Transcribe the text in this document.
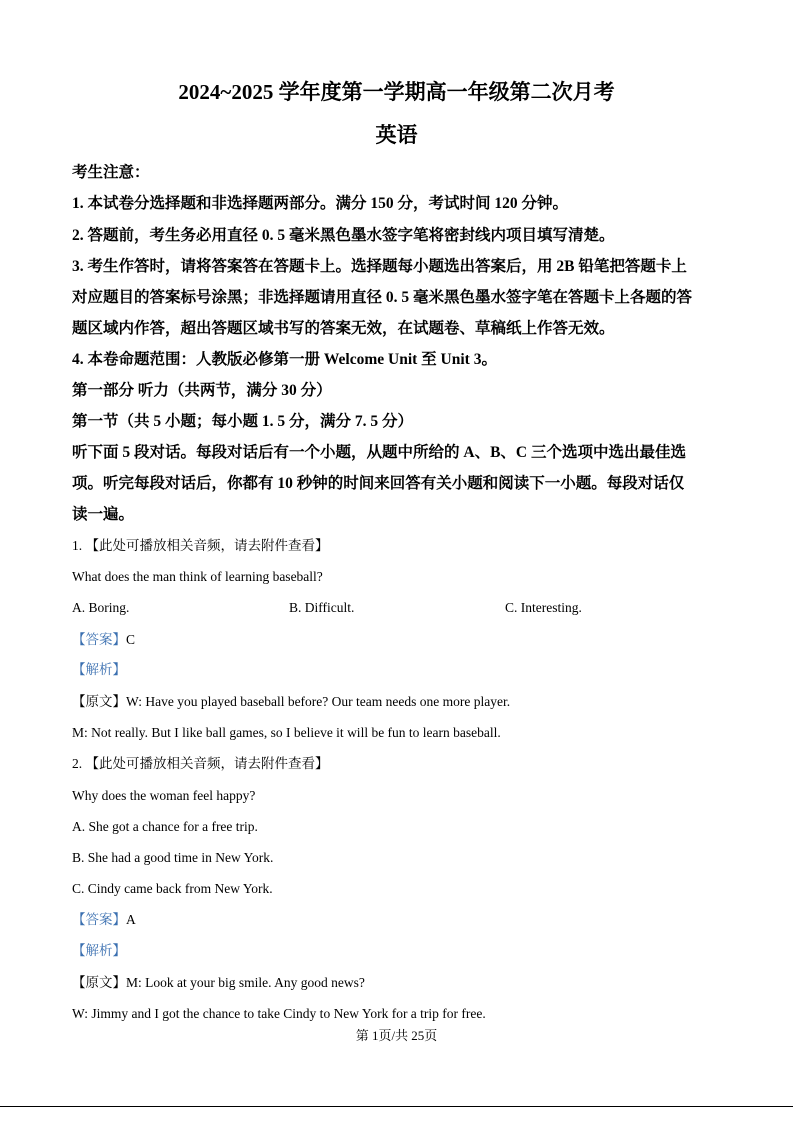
2024~2025 学年度第一学期高一年级第二次月考
英语
考生注意：
1. 本试卷分选择题和非选择题两部分。满分 150 分，考试时间 120 分钟。
2. 答题前，考生务必用直径 0. 5 毫米黑色墨水签字笔将密封线内项目填写清楚。
3. 考生作答时，请将答案答在答题卡上。选择题每小题选出答案后，用 2B 铅笔把答题卡上
对应题目的答案标号涂黑；非选择题请用直径 0. 5 毫米黑色墨水签字笔在答题卡上各题的答
题区域内作答，超出答题区域书写的答案无效，在试题卷、草稿纸上作答无效。
4. 本卷命题范围：人教版必修第一册 Welcome Unit 至 Unit 3。
第一部分 听力（共两节，满分 30 分）
第一节（共 5 小题；每小题 1. 5 分，满分 7. 5 分）
听下面 5 段对话。每段对话后有一个小题，从题中所给的 A、B、C 三个选项中选出最佳选
项。听完每段对话后，你都有 10 秒钟的时间来回答有关小题和阅读下一小题。每段对话仅
读一遍。
1. 【此处可播放相关音频，请去附件查看】
What does the man think of learning baseball?
A. Boring.	B. Difficult.	C. Interesting.
【答案】C
【解析】
【原文】W: Have you played baseball before? Our team needs one more player.
M: Not really. But I like ball games, so I believe it will be fun to learn baseball.
2. 【此处可播放相关音频，请去附件查看】
Why does the woman feel happy?
A. She got a chance for a free trip.
B. She had a good time in New York.
C. Cindy came back from New York.
【答案】A
【解析】
【原文】M: Look at your big smile. Any good news?
W: Jimmy and I got the chance to take Cindy to New York for a trip for free.
第 1页/共 25页
